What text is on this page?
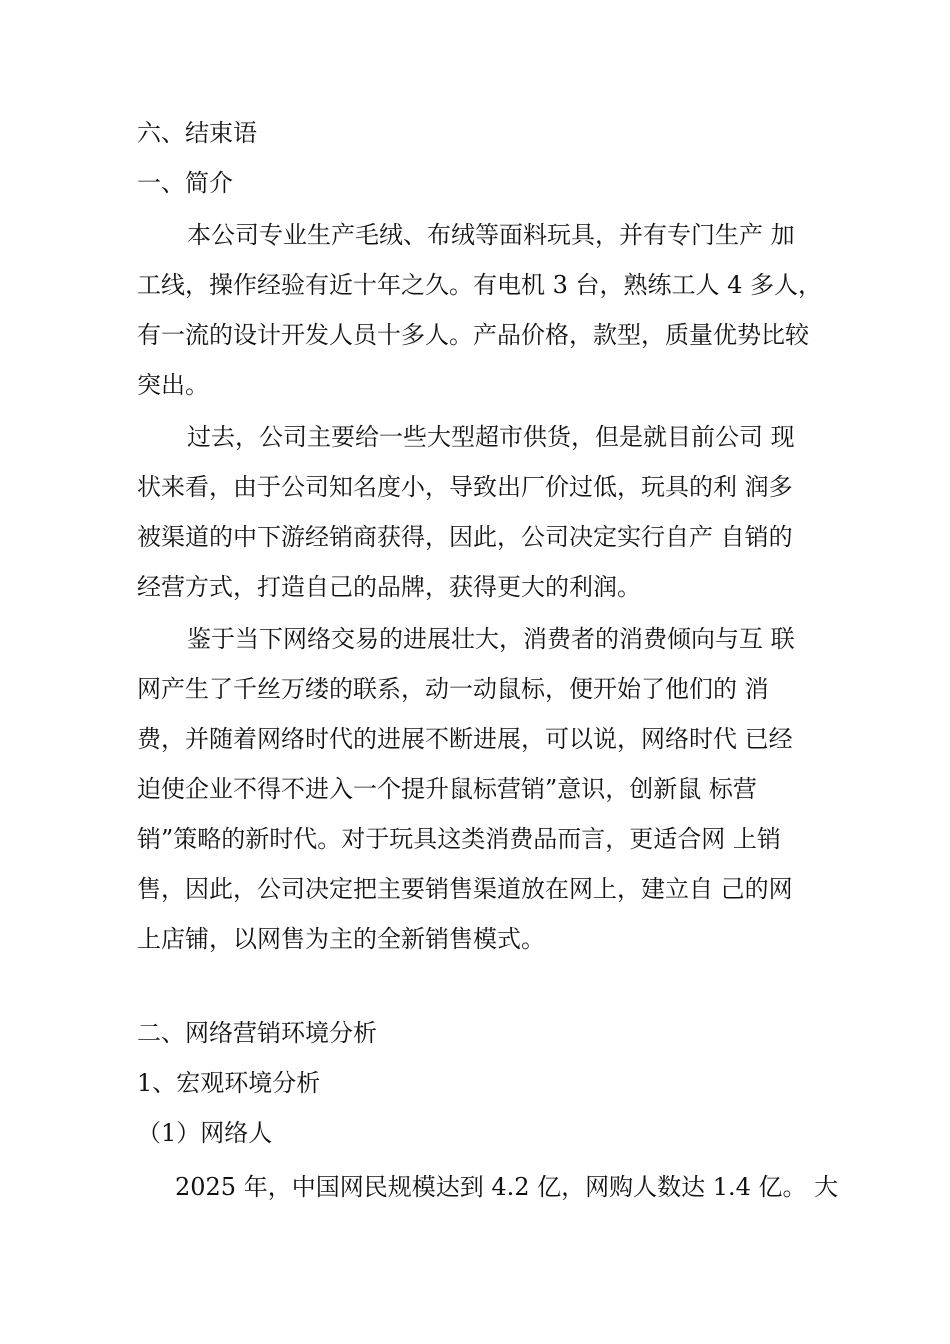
六、结束语
一、简介
本公司专业生产毛绒、布绒等面料玩具，并有专门生产 加
工线，操作经验有近十年之久。有电机 3 台，熟练工人 4 多人，
有一流的设计开发人员十多人。产品价格，款型，质量优势比较
突出。
过去，公司主要给一些大型超市供货，但是就目前公司 现
状来看，由于公司知名度小，导致出厂价过低，玩具的利 润多
被渠道的中下游经销商获得，因此，公司决定实行自产 自销的
经营方式，打造自己的品牌，获得更大的利润。
鉴于当下网络交易的进展壮大，消费者的消费倾向与互 联
网产生了千丝万缕的联系，动一动鼠标，便开始了他们的 消
费，并随着网络时代的进展不断进展，可以说，网络时代 已经
迫使企业不得不进入一个提升鼠标营销”意识，创新鼠 标营
销”策略的新时代。对于玩具这类消费品而言，更适合网 上销
售，因此，公司决定把主要销售渠道放在网上，建立自 己的网
上店铺，以网售为主的全新销售模式。
二、网络营销环境分析
1、宏观环境分析
（1）网络人
2025 年，中国网民规模达到 4.2 亿，网购人数达 1.4 亿。 大
